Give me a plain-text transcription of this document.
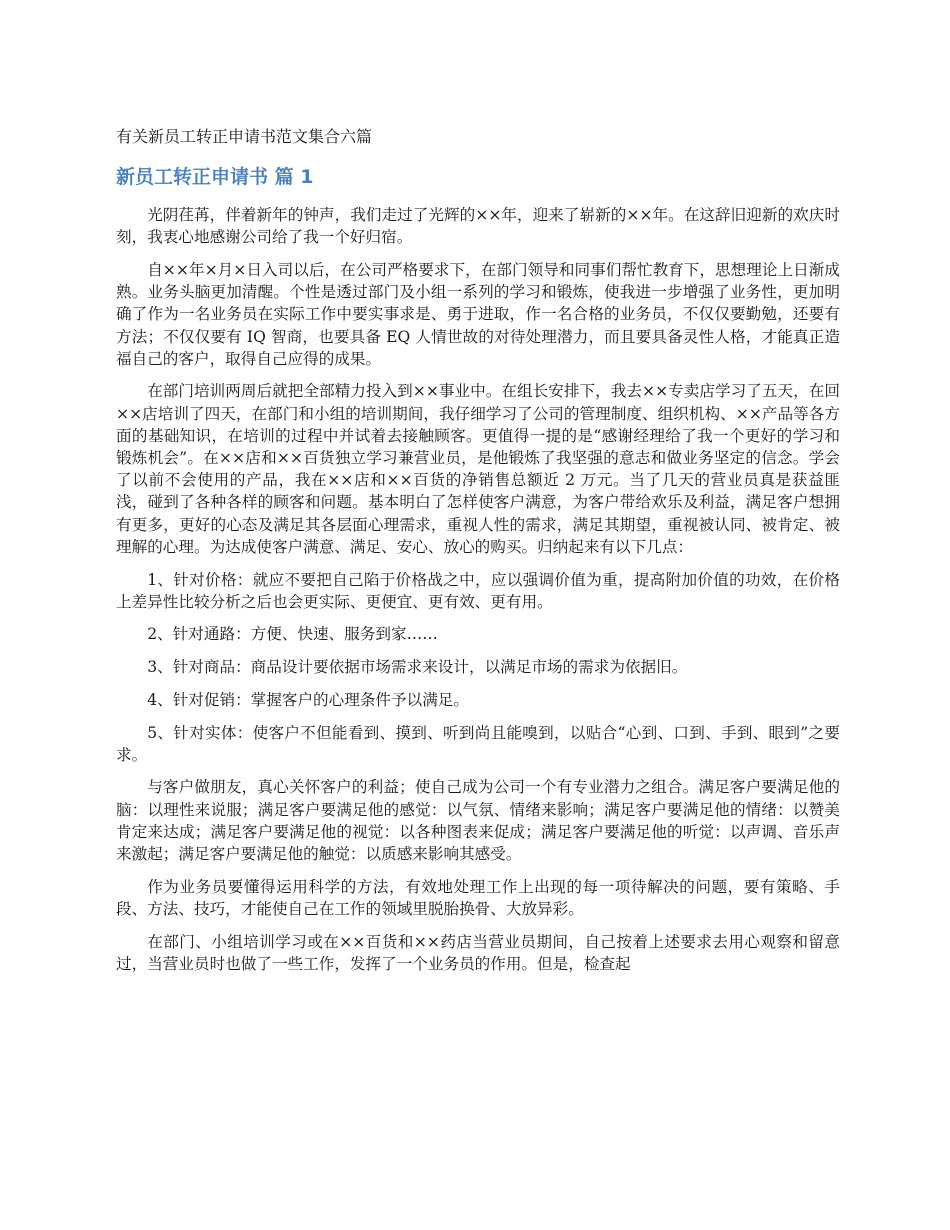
有关新员工转正申请书范文集合六篇
新员工转正申请书 篇 1

光阴荏苒，伴着新年的钟声，我们走过了光辉的××年，迎来了崭新的××年。在这辞旧迎新的欢庆时刻，我衷心地感谢公司给了我一个好归宿。

自××年×月×日入司以后，在公司严格要求下，在部门领导和同事们帮忙教育下，思想理论上日渐成熟。业务头脑更加清醒。个性是透过部门及小组一系列的学习和锻炼，使我进一步增强了业务性，更加明确了作为一名业务员在实际工作中要实事求是、勇于进取，作一名合格的业务员，不仅仅要勤勉，还要有方法；不仅仅要有 IQ 智商，也要具备 EQ 人情世故的对待处理潜力，而且要具备灵性人格，才能真正造福自己的客户，取得自己应得的成果。

在部门培训两周后就把全部精力投入到××事业中。在组长安排下，我去××专卖店学习了五天，在回××店培训了四天，在部门和小组的培训期间，我仔细学习了公司的管理制度、组织机构、××产品等各方面的基础知识，在培训的过程中并试着去接触顾客。更值得一提的是“感谢经理给了我一个更好的学习和锻炼机会”。在××店和××百货独立学习兼营业员，是他锻炼了我坚强的意志和做业务坚定的信念。学会了以前不会使用的产品，我在××店和××百货的净销售总额近 2 万元。当了几天的营业员真是获益匪浅，碰到了各种各样的顾客和问题。基本明白了怎样使客户满意，为客户带给欢乐及利益，满足客户想拥有更多，更好的心态及满足其各层面心理需求，重视人性的需求，满足其期望，重视被认同、被肯定、被理解的心理。为达成使客户满意、满足、安心、放心的购买。归纳起来有以下几点：

1、针对价格：就应不要把自己陷于价格战之中，应以强调价值为重，提高附加价值的功效，在价格上差异性比较分析之后也会更实际、更便宜、更有效、更有用。

2、针对通路：方便、快速、服务到家……

3、针对商品：商品设计要依据市场需求来设计，以满足市场的需求为依据旧。

4、针对促销：掌握客户的心理条件予以满足。

5、针对实体：使客户不但能看到、摸到、听到尚且能嗅到，以贴合“心到、口到、手到、眼到”之要求。

与客户做朋友，真心关怀客户的利益；使自己成为公司一个有专业潜力之组合。满足客户要满足他的脑：以理性来说服；满足客户要满足他的感觉：以气氛、情绪来影响；满足客户要满足他的情绪：以赞美肯定来达成；满足客户要满足他的视觉：以各种图表来促成；满足客户要满足他的听觉：以声调、音乐声来激起；满足客户要满足他的触觉：以质感来影响其感受。

作为业务员要懂得运用科学的方法，有效地处理工作上出现的每一项待解决的问题，要有策略、手段、方法、技巧，才能使自己在工作的领域里脱胎换骨、大放异彩。

在部门、小组培训学习或在××百货和××药店当营业员期间，自己按着上述要求去用心观察和留意过，当营业员时也做了一些工作，发挥了一个业务员的作用。但是，检查起
